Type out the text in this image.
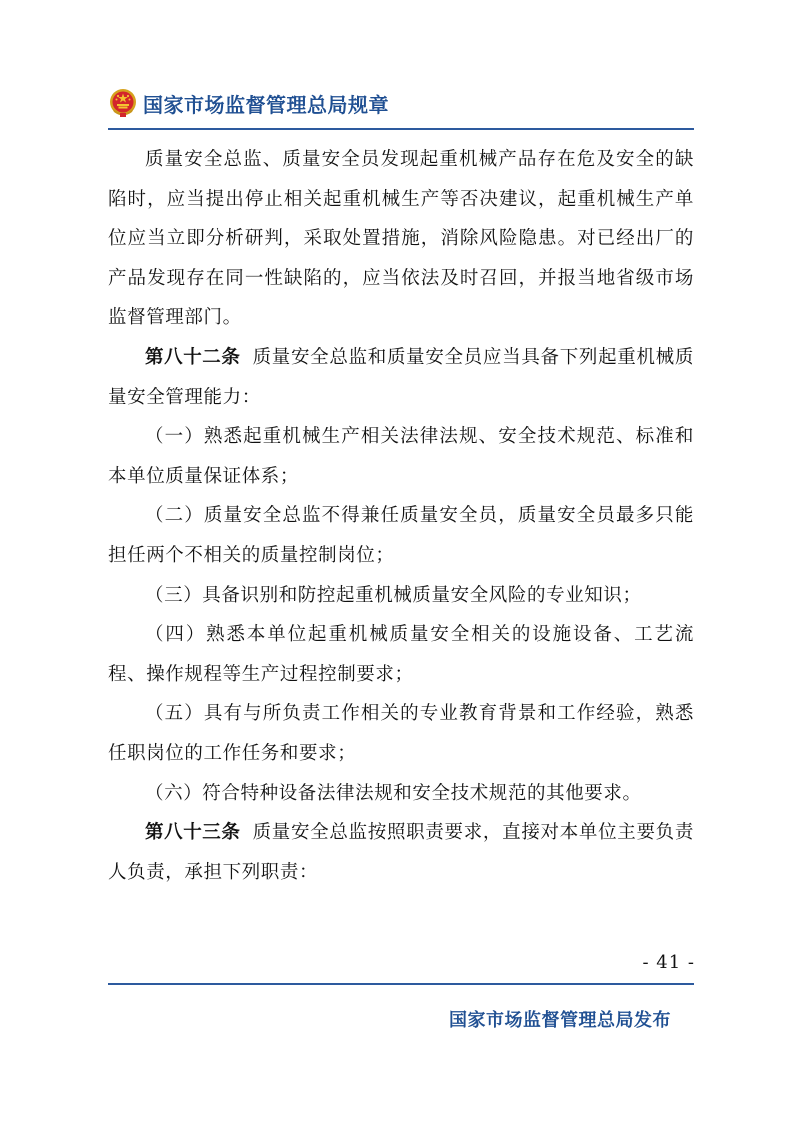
国家市场监督管理总局规章

质量安全总监、质量安全员发现起重机械产品存在危及安全的缺陷时，应当提出停止相关起重机械生产等否决建议，起重机械生产单位应当立即分析研判，采取处置措施，消除风险隐患。对已经出厂的产品发现存在同一性缺陷的，应当依法及时召回，并报当地省级市场监督管理部门。

第八十二条 质量安全总监和质量安全员应当具备下列起重机械质量安全管理能力：

（一）熟悉起重机械生产相关法律法规、安全技术规范、标准和本单位质量保证体系；

（二）质量安全总监不得兼任质量安全员，质量安全员最多只能担任两个不相关的质量控制岗位；

（三）具备识别和防控起重机械质量安全风险的专业知识；

（四）熟悉本单位起重机械质量安全相关的设施设备、工艺流程、操作规程等生产过程控制要求；

（五）具有与所负责工作相关的专业教育背景和工作经验，熟悉任职岗位的工作任务和要求；

（六）符合特种设备法律法规和安全技术规范的其他要求。

第八十三条 质量安全总监按照职责要求，直接对本单位主要负责人负责，承担下列职责：

- 41 -
国家市场监督管理总局发布
